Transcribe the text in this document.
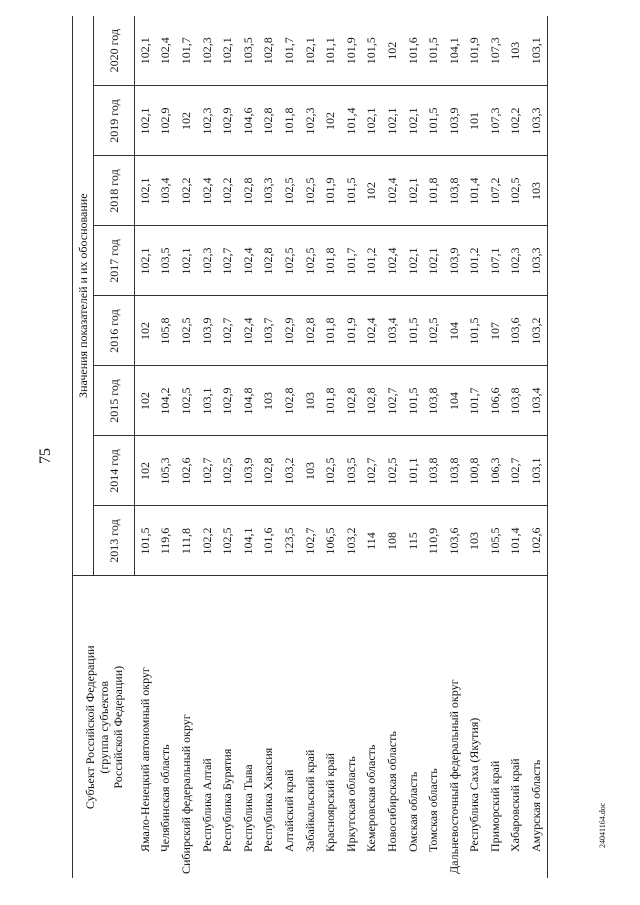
75
Субъект Российской Федерации (группа субъектов Российской Федерации)	Значения показателей и их обоснование							
	2013 год	2014 год	2015 год	2016 год	2017 год	2018 год	2019 год	2020 год
Ямало-Ненецкий автономный округ	101,5	102	102	102	102,1	102,1	102,1	102,1
Челябинская область	119,6	105,3	104,2	105,8	103,5	103,4	102,9	102,4
Сибирский федеральный округ	111,8	102,6	102,5	102,5	102,1	102,2	102	101,7
Республика Алтай	102,2	102,7	103,1	103,9	102,3	102,4	102,3	102,3
Республика Бурятия	102,5	102,5	102,9	102,7	102,7	102,2	102,9	102,1
Республика Тыва	104,1	103,9	104,8	102,4	102,4	102,8	104,6	103,5
Республика Хакасия	101,6	102,8	103	103,7	102,8	103,3	102,8	102,8
Алтайский край	123,5	103,2	102,8	102,9	102,5	102,5	101,8	101,7
Забайкальский край	102,7	103	103	102,8	102,5	102,5	102,3	102,1
Красноярский край	106,5	102,5	101,8	101,8	101,8	101,9	102	101,1
Иркутская область	103,2	103,5	102,8	101,9	101,7	101,5	101,4	101,9
Кемеровская область	114	102,7	102,8	102,4	101,2	102	102,1	101,5
Новосибирская область	108	102,5	102,7	103,4	102,4	102,4	102,1	102
Омская область	115	101,1	101,5	101,5	102,1	102,1	102,1	101,6
Томская область	110,9	103,8	103,8	102,5	102,1	101,8	101,5	101,5
Дальневосточный федеральный округ	103,6	103,8	104	104	103,9	103,8	103,9	104,1
Республика Саха (Якутия)	103	100,8	101,7	101,5	101,2	101,4	101	101,9
Приморский край	105,5	106,3	106,6	107	107,1	107,2	107,3	107,3
Хабаровский край	101,4	102,7	103,8	103,6	102,3	102,5	102,2	103
Амурская область	102,6	103,1	103,4	103,2	103,3	103	103,3	103,1
24041164.doc
